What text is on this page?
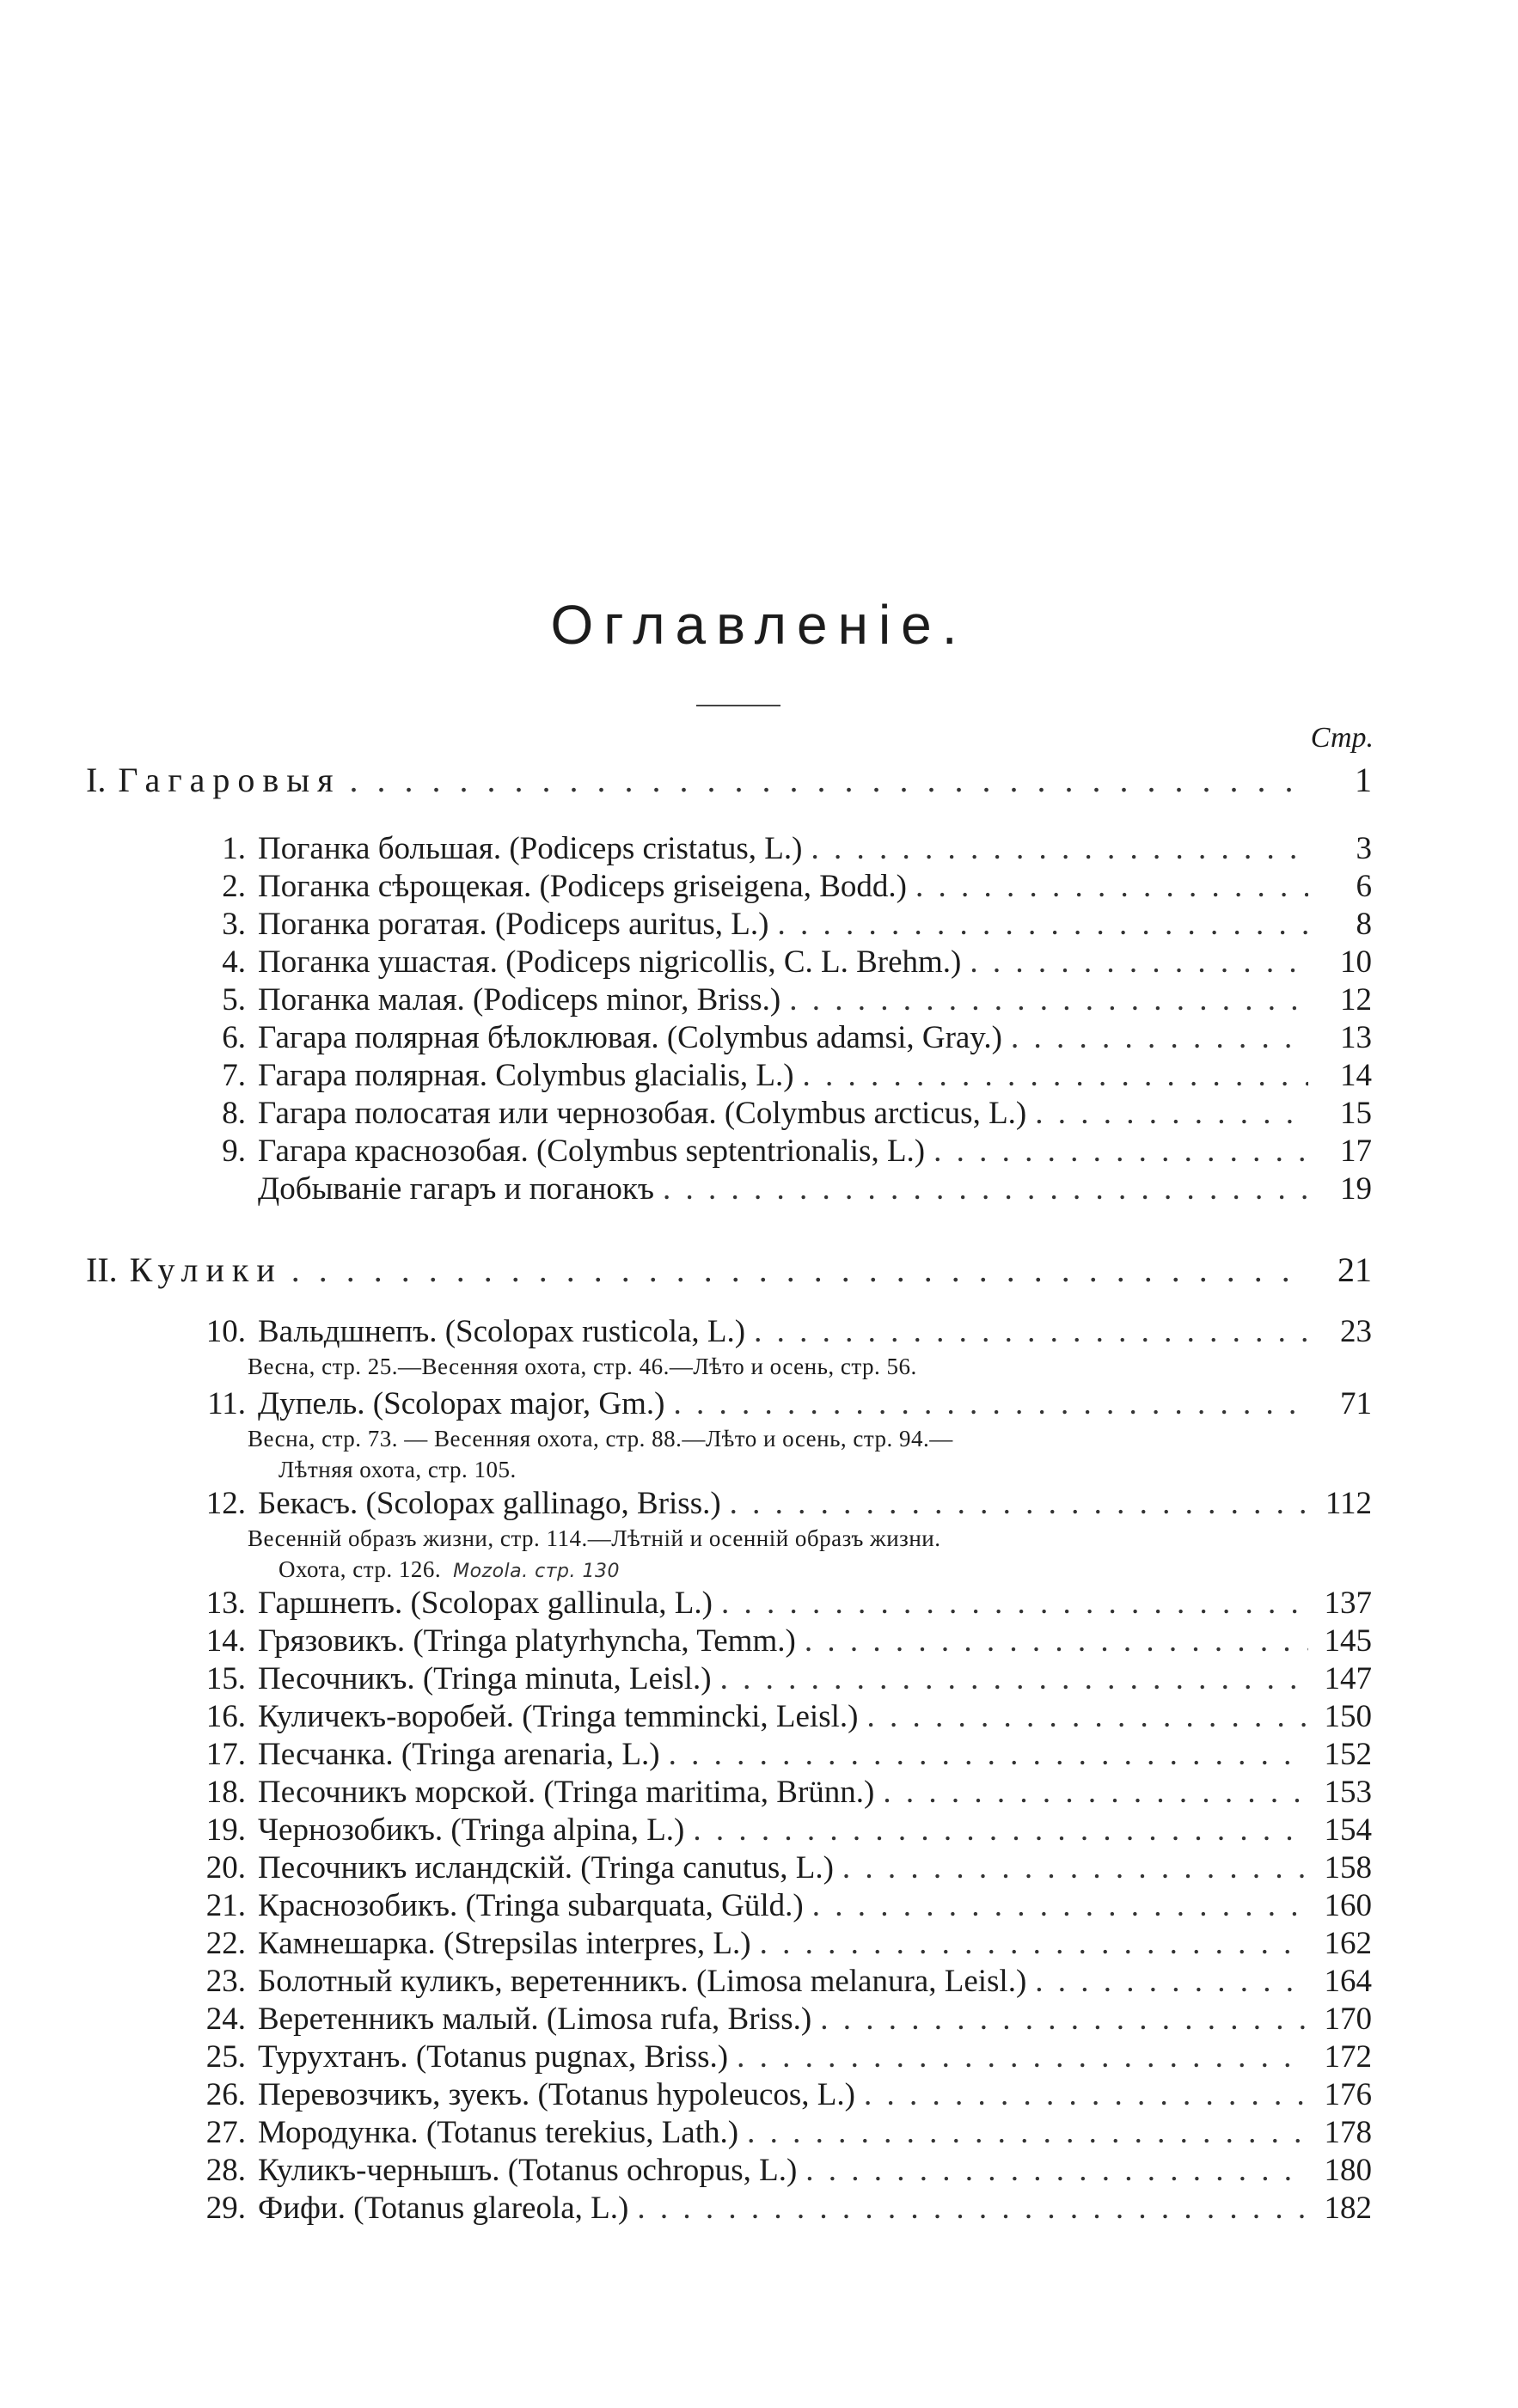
Оглавленiе.
Стр.
I. Гагаровыя . . .	1
1. Поганка большая. (Podiceps cristatus, L.) . . .	3
2. Поганка сѣрощекая. (Podiceps griseigena, Bodd.) . . .	6
3. Поганка рогатая. (Podiceps auritus, L.) . . .	8
4. Поганка ушастая. (Podiceps nigricollis, C. L. Brehm.) . . .	10
5. Поганка малая. (Podiceps minor, Briss.) . . .	12
6. Гагара полярная бѣлоклювая. (Colymbus adamsi, Gray.) . . .	13
7. Гагара полярная. Colymbus glacialis, L.) . . .	14
8. Гагара полосатая или чернозобая. (Colymbus arcticus, L.) . . .	15
9. Гагара краснозобая. (Colymbus septentrionalis, L.) . . .	17
Добыванiе гагаръ и поганокъ . . .	19
II. Кулики . . .	21
10. Вальдшнепъ. (Scolopax rusticola, L.) . . .	23
Весна, стр. 25.—Весенняя охота, стр. 46.—Лѣто и осень, стр. 56.
11. Дупель. (Scolopax major, Gm.) . . .	71
Весна, стр. 73. — Весенняя охота, стр. 88.—Лѣто и осень, стр. 94.—
Лѣтняя охота, стр. 105.
12. Бекасъ. (Scolopax gallinago, Briss.) . . .	112
Весеннiй образъ жизни, стр. 114.—Лѣтнiй и осеннiй образъ жизни.
Охота, стр. 126. Mozola. стр. 130
13. Гаршнепъ. (Scolopax gallinula, L.) . . .	137
14. Грязовикъ. (Tringa platyrhyncha, Temm.) . . .	145
15. Песочникъ. (Tringa minuta, Leisl.) . . .	147
16. Куличекъ-воробей. (Tringa temmincki, Leisl.) . . .	150
17. Песчанка. (Tringa arenaria, L.) . . .	152
18. Песочникъ морской. (Tringa maritima, Brünn.) . . .	153
19. Чернозобикъ. (Tringa alpina, L.) . . .	154
20. Песочникъ исландскiй. (Tringa canutus, L.) . . .	158
21. Краснозобикъ. (Tringa subarquata, Güld.) . . .	160
22. Камнешарка. (Strepsilas interpres, L.) . . .	162
23. Болотный куликъ, веретенникъ. (Limosa melanura, Leisl.) . . .	164
24. Веретенникъ малый. (Limosa rufa, Briss.) . . .	170
25. Турухтанъ. (Totanus pugnax, Briss.) . . .	172
26. Перевозчикъ, зуекъ. (Totanus hypoleucos, L.) . . .	176
27. Мородунка. (Totanus terekius, Lath.) . . .	178
28. Куликъ-чернышъ. (Totanus ochropus, L.) . . .	180
29. Фифи. (Totanus glareola, L.) . . .	182
